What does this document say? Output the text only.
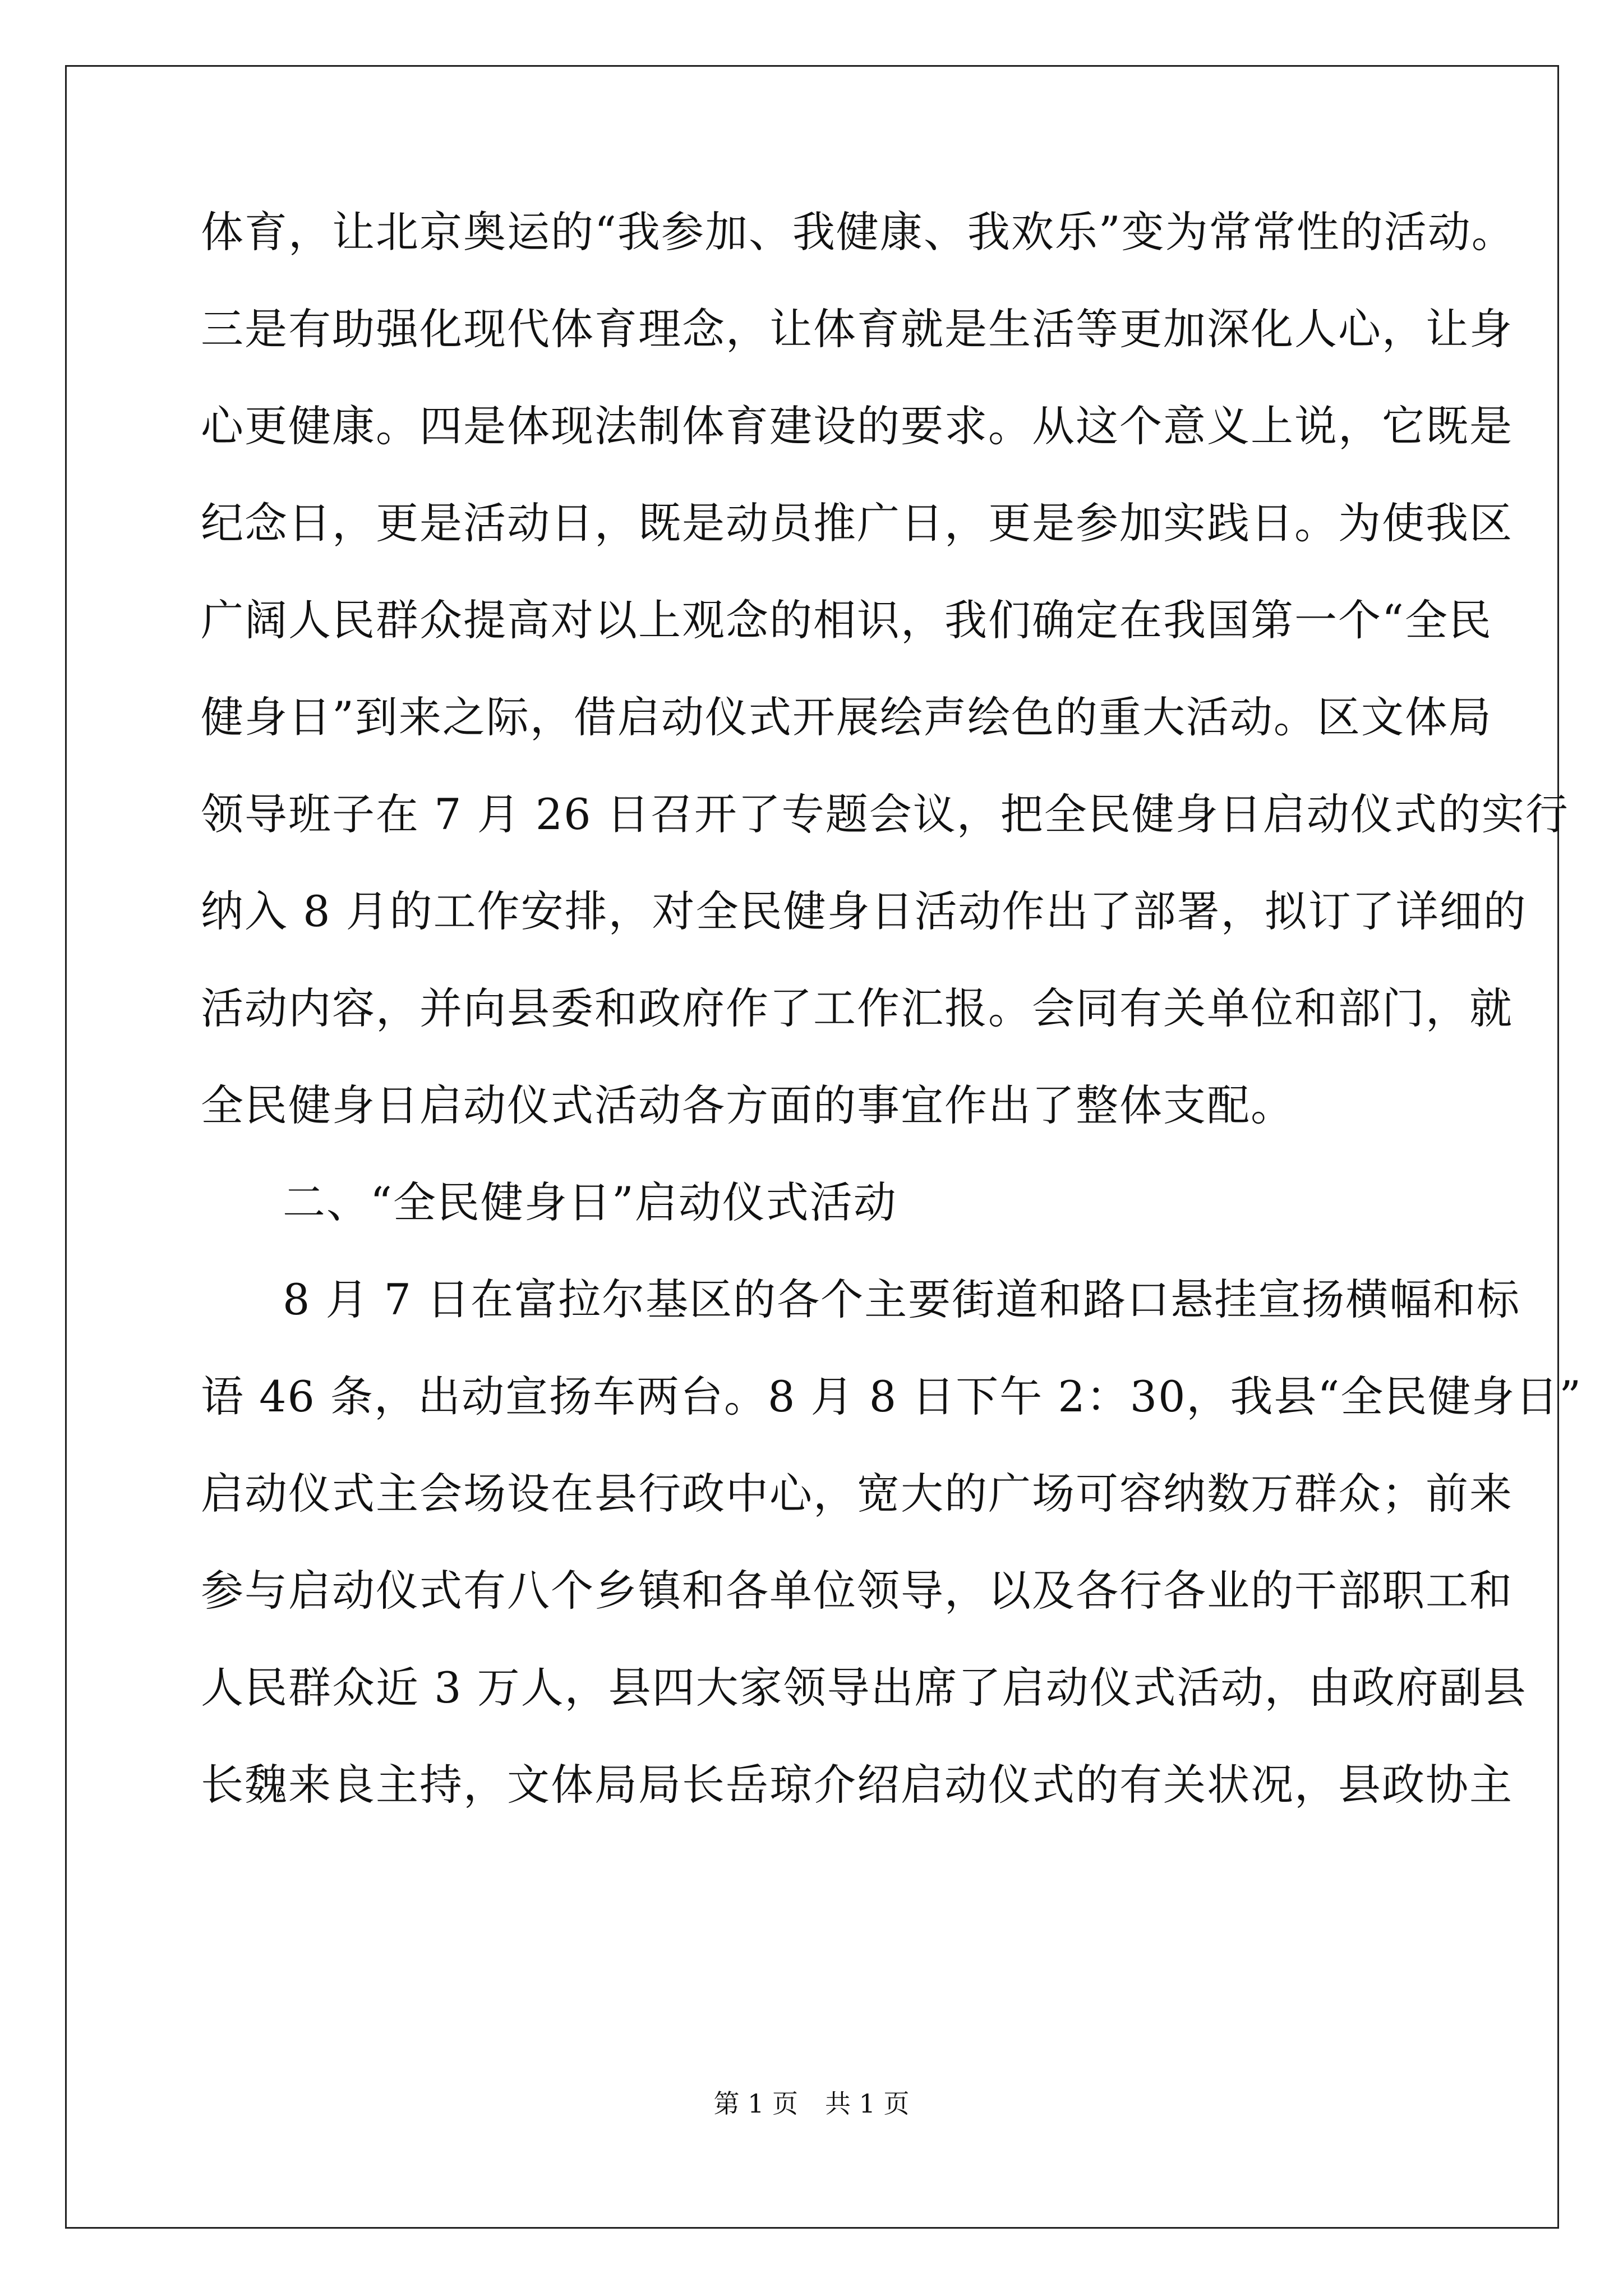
体育，让北京奥运的“我参加、我健康、我欢乐”变为常常性的活动。
三是有助强化现代体育理念，让体育就是生活等更加深化人心，让身
心更健康。四是体现法制体育建设的要求。从这个意义上说，它既是
纪念日，更是活动日，既是动员推广日，更是参加实践日。为使我区
广阔人民群众提高对以上观念的相识，我们确定在我国第一个“全民
健身日”到来之际，借启动仪式开展绘声绘色的重大活动。区文体局
领导班子在 7 月 26 日召开了专题会议，把全民健身日启动仪式的实行
纳入 8 月的工作安排，对全民健身日活动作出了部署，拟订了详细的
活动内容，并向县委和政府作了工作汇报。会同有关单位和部门，就
全民健身日启动仪式活动各方面的事宜作出了整体支配。
二、“全民健身日”启动仪式活动
8 月 7 日在富拉尔基区的各个主要街道和路口悬挂宣扬横幅和标
语 46 条，出动宣扬车两台。8 月 8 日下午 2：30，我县“全民健身日”
启动仪式主会场设在县行政中心，宽大的广场可容纳数万群众；前来
参与启动仪式有八个乡镇和各单位领导，以及各行各业的干部职工和
人民群众近 3 万人，县四大家领导出席了启动仪式活动，由政府副县
长魏来良主持，文体局局长岳琼介绍启动仪式的有关状况，县政协主
第 1 页 共 1 页
